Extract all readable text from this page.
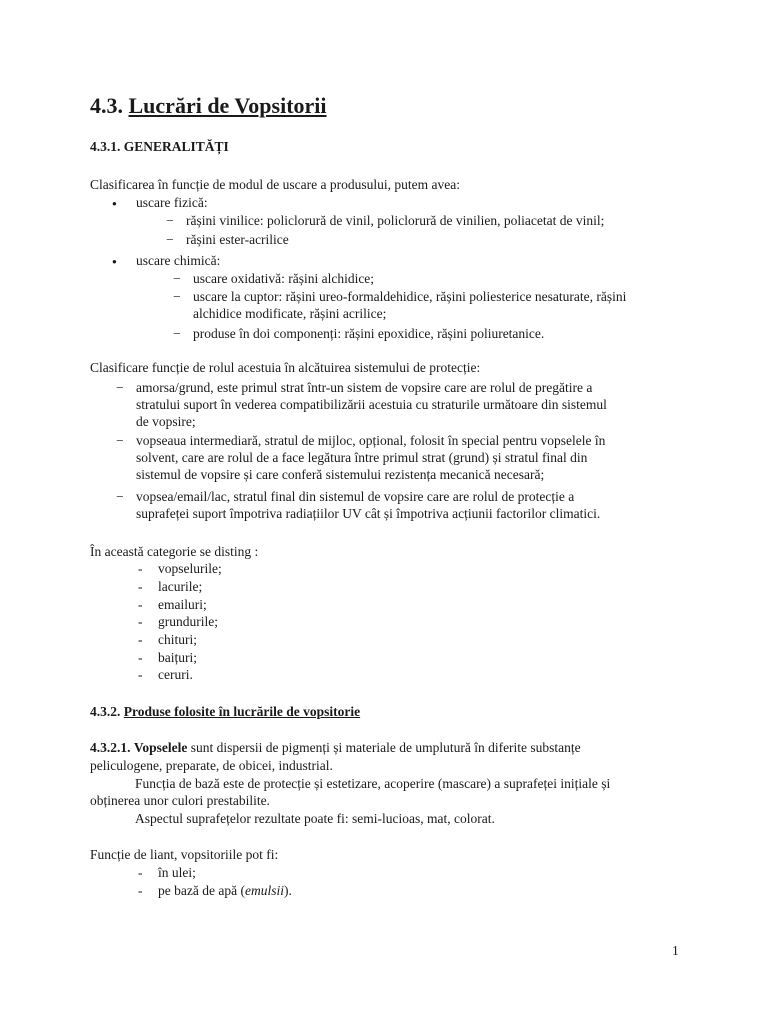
4.3. Lucrări de Vopsitorii
4.3.1. GENERALITĂȚI
Clasificarea în funcție de modul de uscare a produsului, putem avea:
● uscare fizică:
− rășini vinilice: policlorură de vinil, policlorură de vinilien, poliacetat de vinil;
− rășini ester-acrilice
● uscare chimică:
− uscare oxidativă: rășini alchidice;
− uscare la cuptor: rășini ureo-formaldehidice, rășini poliesterice nesaturate, rășini
alchidice modificate, rășini acrilice;
− produse în doi componenți: rășini epoxidice, rășini poliuretanice.
Clasificare funcție de rolul acestuia în alcătuirea sistemului de protecție:
− amorsa/grund, este primul strat într-un sistem de vopsire care are rolul de pregătire a
stratului suport în vederea compatibilizării acestuia cu straturile următoare din sistemul
de vopsire;
− vopseaua intermediară, stratul de mijloc, opțional, folosit în special pentru vopselele în
solvent, care are rolul de a face legătura între primul strat (grund) și stratul final din
sistemul de vopsire și care conferă sistemului rezistența mecanică necesară;
− vopsea/email/lac, stratul final din sistemul de vopsire care are rolul de protecție a
suprafeței suport împotriva radiațiilor UV cât și împotriva acțiunii factorilor climatici.
În această categorie se disting :
- vopselurile;
- lacurile;
- emailuri;
- grundurile;
- chituri;
- baițuri;
- ceruri.
4.3.2. Produse folosite în lucrările de vopsitorie
4.3.2.1. Vopselele sunt dispersii de pigmenți și materiale de umplutură în diferite substanțe
peliculogene, preparate, de obicei, industrial.
Funcția de bază este de protecție și estetizare, acoperire (mascare) a suprafeței inițiale și
obținerea unor culori prestabilite.
Aspectul suprafețelor rezultate poate fi: semi-lucioas, mat, colorat.
Funcție de liant, vopsitoriile pot fi:
- în ulei;
- pe bază de apă (emulsii).
1
